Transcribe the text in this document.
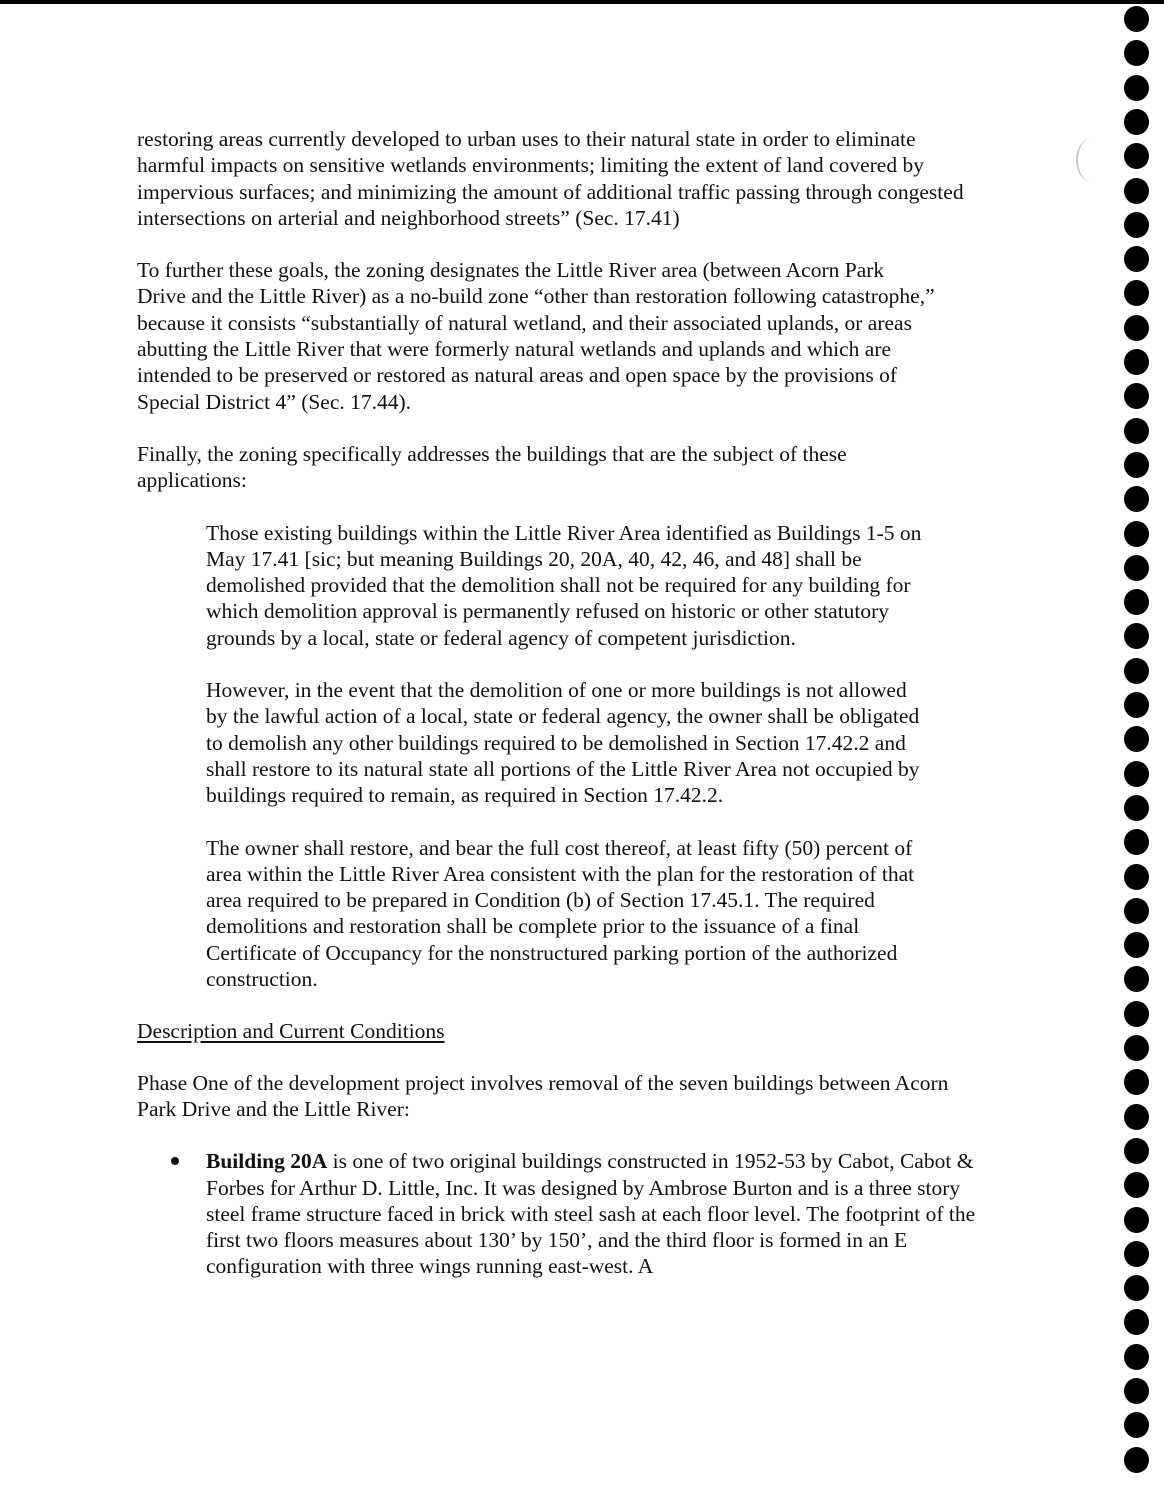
restoring areas currently developed to urban uses to their natural state in order to eliminate harmful impacts on sensitive wetlands environments; limiting the extent of land covered by impervious surfaces; and minimizing the amount of additional traffic passing through congested intersections on arterial and neighborhood streets” (Sec. 17.41)

To further these goals, the zoning designates the Little River area (between Acorn Park Drive and the Little River) as a no-build zone “other than restoration following catastrophe,” because it consists “substantially of natural wetland, and their associated uplands, or areas abutting the Little River that were formerly natural wetlands and uplands and which are intended to be preserved or restored as natural areas and open space by the provisions of Special District 4” (Sec. 17.44).

Finally, the zoning specifically addresses the buildings that are the subject of these applications:

Those existing buildings within the Little River Area identified as Buildings 1-5 on May 17.41 [sic; but meaning Buildings 20, 20A, 40, 42, 46, and 48] shall be demolished provided that the demolition shall not be required for any building for which demolition approval is permanently refused on historic or other statutory grounds by a local, state or federal agency of competent jurisdiction.

However, in the event that the demolition of one or more buildings is not allowed by the lawful action of a local, state or federal agency, the owner shall be obligated to demolish any other buildings required to be demolished in Section 17.42.2 and shall restore to its natural state all portions of the Little River Area not occupied by buildings required to remain, as required in Section 17.42.2.

The owner shall restore, and bear the full cost thereof, at least fifty (50) percent of area within the Little River Area consistent with the plan for the restoration of that area required to be prepared in Condition (b) of Section 17.45.1. The required demolitions and restoration shall be complete prior to the issuance of a final Certificate of Occupancy for the nonstructured parking portion of the authorized construction.

Description and Current Conditions

Phase One of the development project involves removal of the seven buildings between Acorn Park Drive and the Little River:

Building 20A is one of two original buildings constructed in 1952-53 by Cabot, Cabot & Forbes for Arthur D. Little, Inc. It was designed by Ambrose Burton and is a three story steel frame structure faced in brick with steel sash at each floor level. The footprint of the first two floors measures about 130’ by 150’, and the third floor is formed in an E configuration with three wings running east-west. A
